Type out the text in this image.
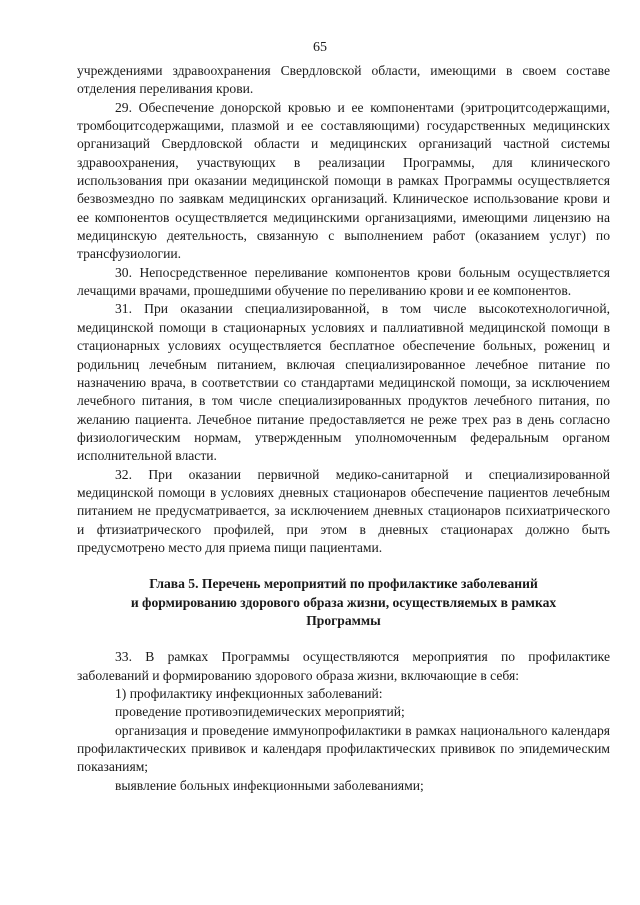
65

учреждениями здравоохранения Свердловской области, имеющими в своем составе отделения переливания крови.

29. Обеспечение донорской кровью и ее компонентами (эритроцитсодержащими, тромбоцитсодержащими, плазмой и ее составляющими) государственных медицинских организаций Свердловской области и медицинских организаций частной системы здравоохранения, участвующих в реализации Программы, для клинического использования при оказании медицинской помощи в рамках Программы осуществляется безвозмездно по заявкам медицинских организаций. Клиническое использование крови и ее компонентов осуществляется медицинскими организациями, имеющими лицензию на медицинскую деятельность, связанную с выполнением работ (оказанием услуг) по трансфузиологии.

30. Непосредственное переливание компонентов крови больным осуществляется лечащими врачами, прошедшими обучение по переливанию крови и ее компонентов.

31. При оказании специализированной, в том числе высокотехнологичной, медицинской помощи в стационарных условиях и паллиативной медицинской помощи в стационарных условиях осуществляется бесплатное обеспечение больных, рожениц и родильниц лечебным питанием, включая специализированное лечебное питание по назначению врача, в соответствии со стандартами медицинской помощи, за исключением лечебного питания, в том числе специализированных продуктов лечебного питания, по желанию пациента. Лечебное питание предоставляется не реже трех раз в день согласно физиологическим нормам, утвержденным уполномоченным федеральным органом исполнительной власти.

32. При оказании первичной медико-санитарной и специализированной медицинской помощи в условиях дневных стационаров обеспечение пациентов лечебным питанием не предусматривается, за исключением дневных стационаров психиатрического и фтизиатрического профилей, при этом в дневных стационарах должно быть предусмотрено место для приема пищи пациентами.

Глава 5. Перечень мероприятий по профилактике заболеваний

и формированию здорового образа жизни, осуществляемых в рамках

Программы

33. В рамках Программы осуществляются мероприятия по профилактике заболеваний и формированию здорового образа жизни, включающие в себя:

1) профилактику инфекционных заболеваний:

проведение противоэпидемических мероприятий;

организация и проведение иммунопрофилактики в рамках национального календаря профилактических прививок и календаря профилактических прививок по эпидемическим показаниям;

выявление больных инфекционными заболеваниями;
